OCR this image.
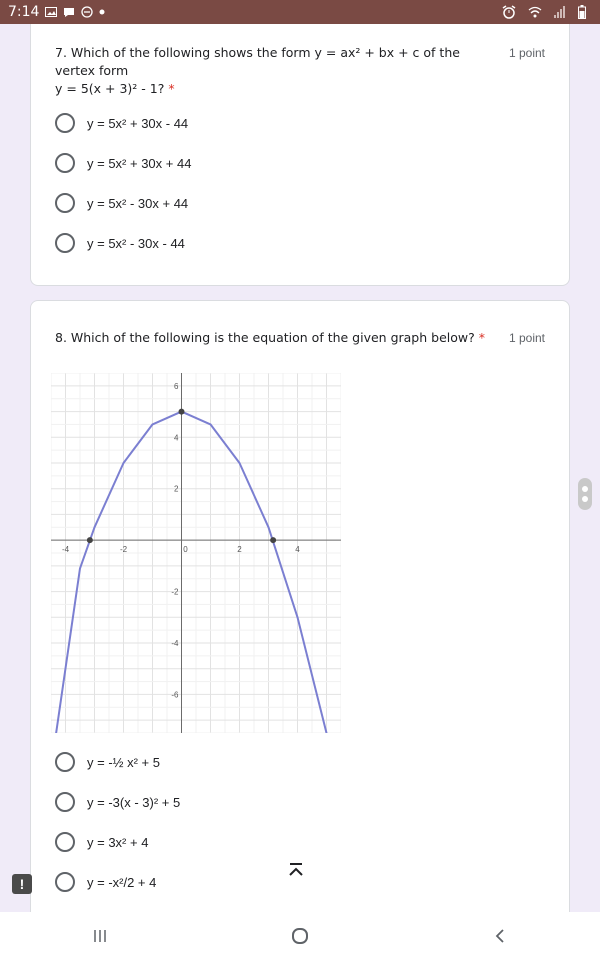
7:14
7. Which of the following shows the form y = ax² + bx + c of the vertex form
y = 5(x + 3)² - 1? *
1 point
y = 5x² + 30x - 44
y = 5x² + 30x + 44
y = 5x² - 30x + 44
y = 5x² - 30x - 44
8. Which of the following is the equation of the given graph below? * 1 point
-4	-2	0	2	4
6
4
2
-2
-4
-6
y = -½ x² + 5
y = -3(x - 3)² + 5
y = 3x² + 4
y = -x²/2 + 4
!
